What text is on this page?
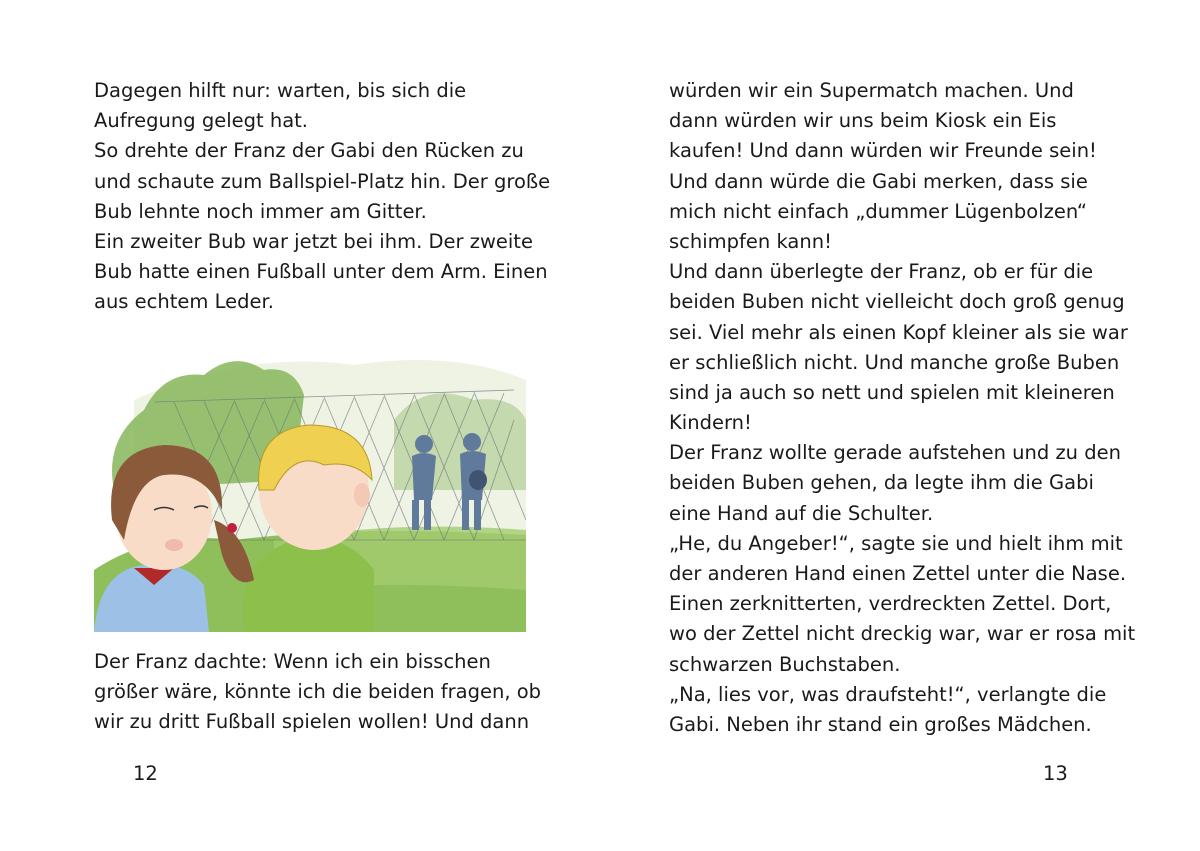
Dagegen hilft nur: warten, bis sich die
Aufregung gelegt hat.
So drehte der Franz der Gabi den Rücken zu
und schaute zum Ballspiel-Platz hin. Der große
Bub lehnte noch immer am Gitter.
Ein zweiter Bub war jetzt bei ihm. Der zweite
Bub hatte einen Fußball unter dem Arm. Einen
aus echtem Leder.
Der Franz dachte: Wenn ich ein bisschen
größer wäre, könnte ich die beiden fragen, ob
wir zu dritt Fußball spielen wollen! Und dann
12
würden wir ein Supermatch machen. Und
dann würden wir uns beim Kiosk ein Eis
kaufen! Und dann würden wir Freunde sein!
Und dann würde die Gabi merken, dass sie
mich nicht einfach „dummer Lügenbolzen“
schimpfen kann!
Und dann überlegte der Franz, ob er für die
beiden Buben nicht vielleicht doch groß genug
sei. Viel mehr als einen Kopf kleiner als sie war
er schließlich nicht. Und manche große Buben
sind ja auch so nett und spielen mit kleineren
Kindern!
Der Franz wollte gerade aufstehen und zu den
beiden Buben gehen, da legte ihm die Gabi
eine Hand auf die Schulter.
„He, du Angeber!“, sagte sie und hielt ihm mit
der anderen Hand einen Zettel unter die Nase.
Einen zerknitterten, verdreckten Zettel. Dort,
wo der Zettel nicht dreckig war, war er rosa mit
schwarzen Buchstaben.
„Na, lies vor, was draufsteht!“, verlangte die
Gabi. Neben ihr stand ein großes Mädchen.
13
